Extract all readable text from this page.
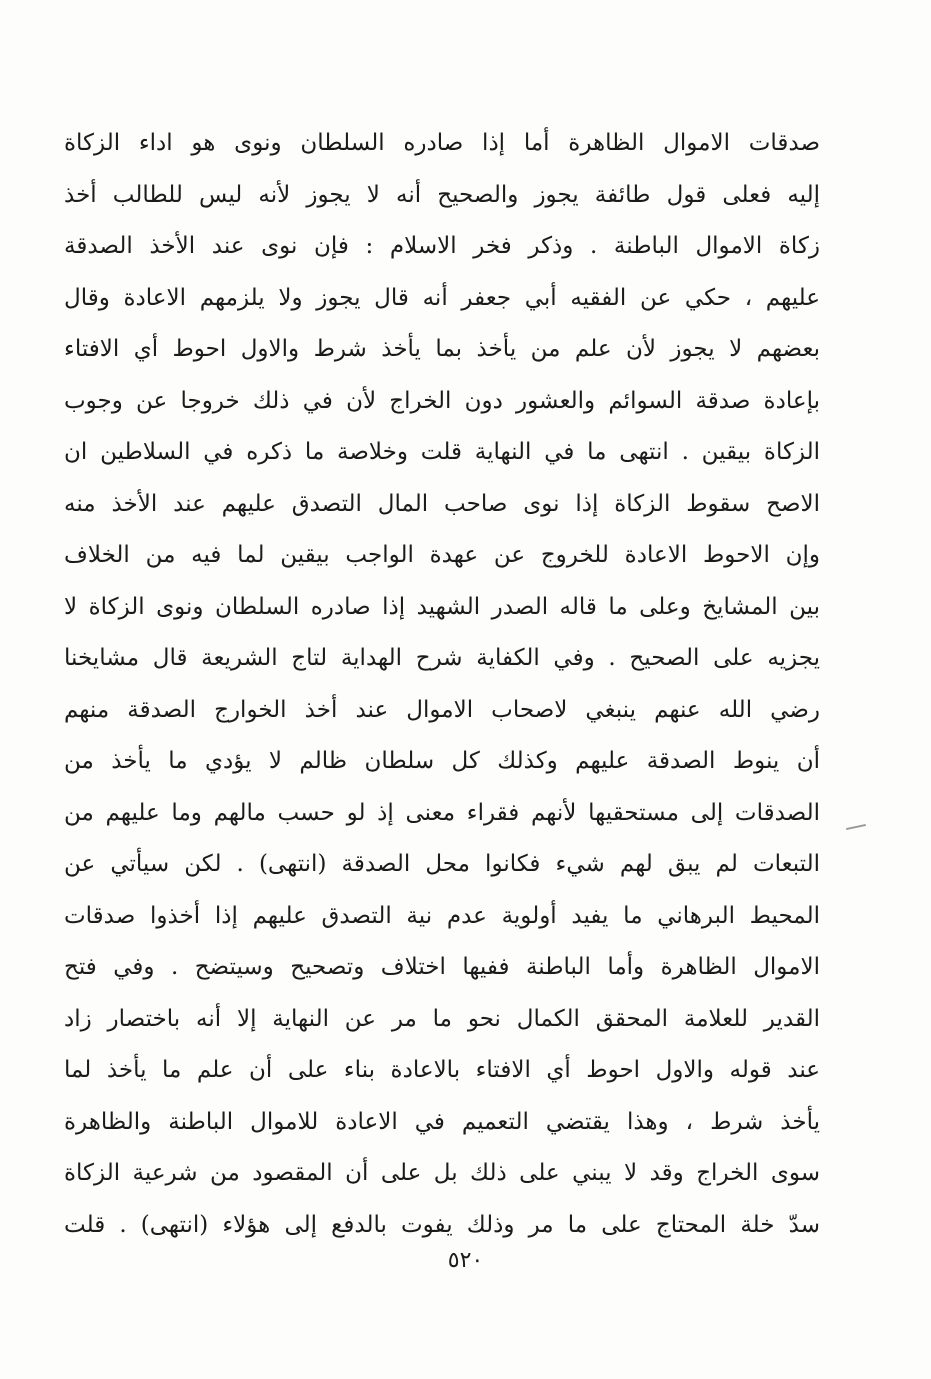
صدقات الاموال الظاهرة أما إذا صادره السلطان ونوى هو اداء الزكاة
إليه فعلى قول طائفة يجوز والصحيح أنه لا يجوز لأنه ليس للطالب أخذ
زكاة الاموال الباطنة . وذكر فخر الاسلام : فإن نوى عند الأخذ الصدقة
عليهم ، حكي عن الفقيه أبي جعفر أنه قال يجوز ولا يلزمهم الاعادة وقال
بعضهم لا يجوز لأن علم من يأخذ بما يأخذ شرط والاول احوط أي الافتاء
بإعادة صدقة السوائم والعشور دون الخراج لأن في ذلك خروجا عن وجوب
الزكاة بيقين . انتهى ما في النهاية قلت وخلاصة ما ذكره في السلاطين ان
الاصح سقوط الزكاة إذا نوى صاحب المال التصدق عليهم عند الأخذ منه
وإن الاحوط الاعادة للخروج عن عهدة الواجب بيقين لما فيه من الخلاف
بين المشايخ وعلى ما قاله الصدر الشهيد إذا صادره السلطان ونوى الزكاة لا
يجزيه على الصحيح . وفي الكفاية شرح الهداية لتاج الشريعة قال مشايخنا
رضي الله عنهم ينبغي لاصحاب الاموال عند أخذ الخوارج الصدقة منهم
أن ينوط الصدقة عليهم وكذلك كل سلطان ظالم لا يؤدي ما يأخذ من
الصدقات إلى مستحقيها لأنهم فقراء معنى إذ لو حسب مالهم وما عليهم من
التبعات لم يبق لهم شيء فكانوا محل الصدقة (انتهى) . لكن سيأتي عن
المحيط البرهاني ما يفيد أولوية عدم نية التصدق عليهم إذا أخذوا صدقات
الاموال الظاهرة وأما الباطنة ففيها اختلاف وتصحيح وسيتضح . وفي فتح
القدير للعلامة المحقق الكمال نحو ما مر عن النهاية إلا أنه باختصار زاد
عند قوله والاول احوط أي الافتاء بالاعادة بناء على أن علم ما يأخذ لما
يأخذ شرط ، وهذا يقتضي التعميم في الاعادة للاموال الباطنة والظاهرة
سوى الخراج وقد لا يبني على ذلك بل على أن المقصود من شرعية الزكاة
سدّ خلة المحتاج على ما مر وذلك يفوت بالدفع إلى هؤلاء (انتهى) . قلت
٥٢٠
